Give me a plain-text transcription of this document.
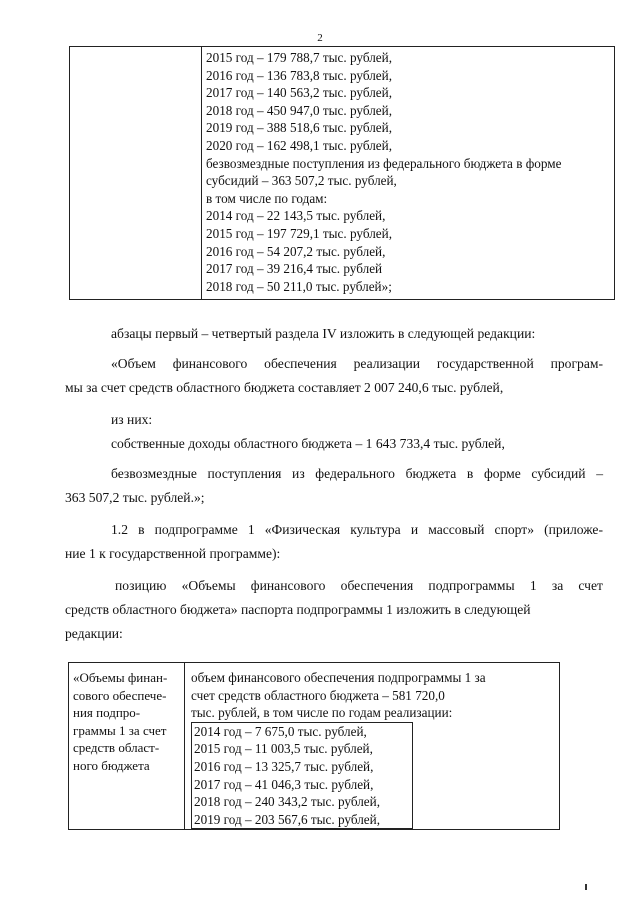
2
2015 год – 179 788,7 тыс. рублей,
2016 год – 136 783,8 тыс. рублей,
2017 год – 140 563,2 тыс. рублей,
2018 год – 450 947,0 тыс. рублей,
2019 год – 388 518,6 тыс. рублей,
2020 год – 162 498,1 тыс. рублей,
безвозмездные поступления из федерального бюджета в форме
субсидий – 363 507,2 тыс. рублей,
в том числе по годам:
2014 год – 22 143,5 тыс. рублей,
2015 год – 197 729,1 тыс. рублей,
2016 год – 54 207,2 тыс. рублей,
2017 год – 39 216,4 тыс. рублей
2018 год – 50 211,0 тыс. рублей»;
абзацы первый – четвертый раздела IV изложить в следующей редакции:
«Объем финансового обеспечения реализации государственной програм-
мы за счет средств областного бюджета составляет 2 007 240,6 тыс. рублей,
из них:
собственные доходы областного бюджета – 1 643 733,4 тыс. рублей,
безвозмездные поступления из федерального бюджета в форме субсидий –
363 507,2 тыс. рублей.»;
1.2 в подпрограмме 1 «Физическая культура и массовый спорт» (приложе-
ние 1 к государственной программе):
позицию «Объемы финансового обеспечения подпрограммы 1 за счет
средств областного бюджета» паспорта подпрограммы 1 изложить в следующей
редакции:
«Объемы финан-
сового обеспече-
ния подпро-
граммы 1 за счет
средств област-
ного бюджета
объем финансового обеспечения подпрограммы 1 за
счет средств областного бюджета – 581 720,0
тыс. рублей, в том числе по годам реализации:
2014 год – 7 675,0 тыс. рублей,
2015 год – 11 003,5 тыс. рублей,
2016 год – 13 325,7 тыс. рублей,
2017 год – 41 046,3 тыс. рублей,
2018 год – 240 343,2 тыс. рублей,
2019 год – 203 567,6 тыс. рублей,
